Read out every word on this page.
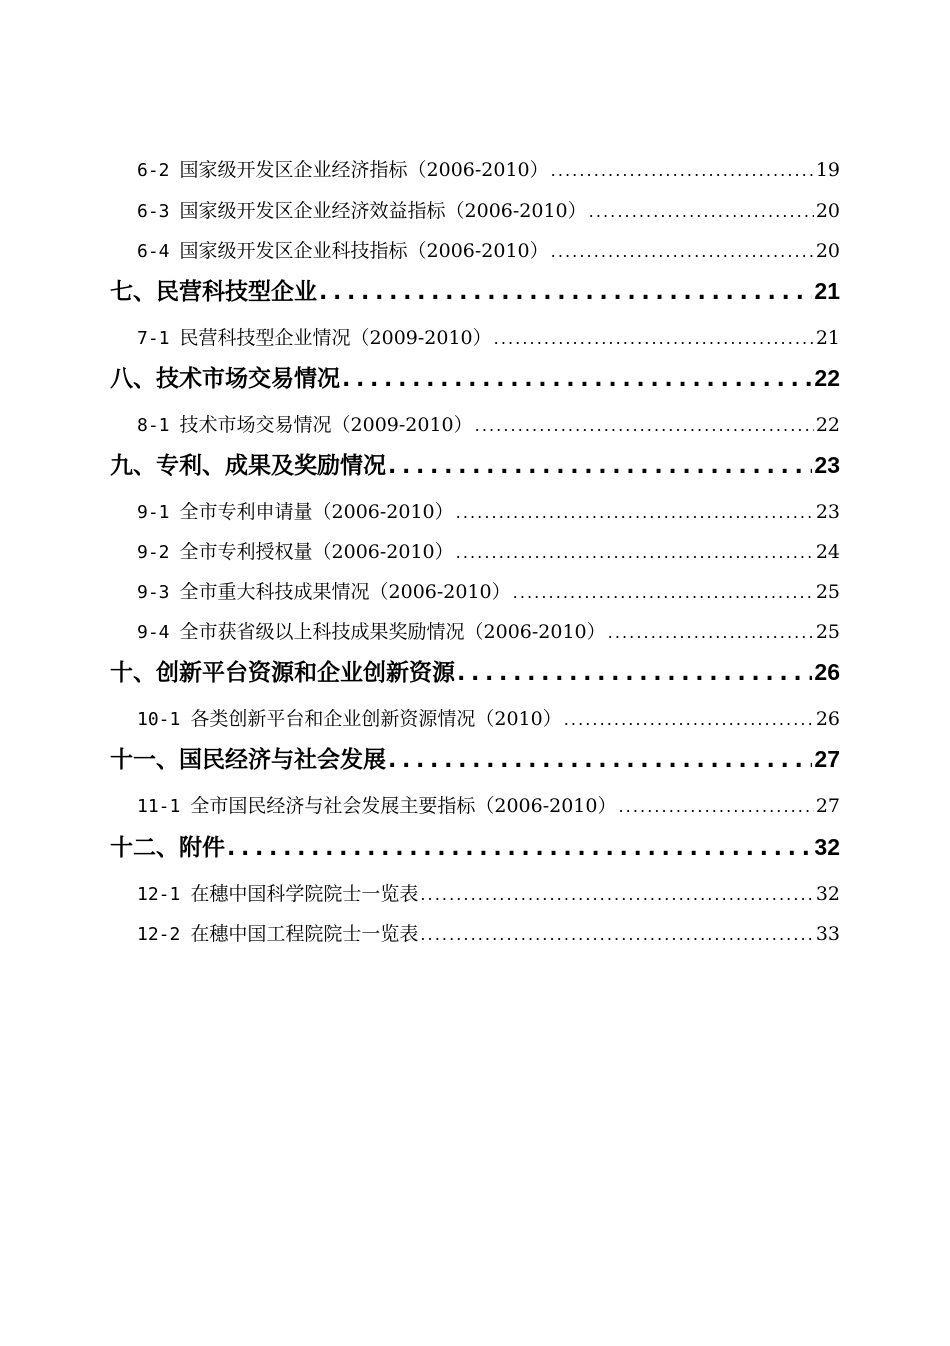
6-2 国家级开发区企业经济指标（2006-2010） . . .	19
6-3 国家级开发区企业经济效益指标（2006-2010） . . .	20
6-4 国家级开发区企业科技指标（2006-2010） . . .	20
七、民营科技型企业 . . .	21
7-1 民营科技型企业情况（2009-2010） . . .	21
八、技术市场交易情况 . . .	22
8-1 技术市场交易情况（2009-2010） . . .	22
九、专利、成果及奖励情况 . . .	23
9-1 全市专利申请量（2006-2010） . . .	23
9-2 全市专利授权量（2006-2010） . . .	24
9-3 全市重大科技成果情况（2006-2010） . . .	25
9-4 全市获省级以上科技成果奖励情况（2006-2010） . . .	25
十、创新平台资源和企业创新资源 . . .	26
10-1 各类创新平台和企业创新资源情况（2010） . . .	26
十一、国民经济与社会发展 . . .	27
11-1 全市国民经济与社会发展主要指标（2006-2010） . . .	27
十二、附件 . . .	32
12-1 在穗中国科学院院士一览表 . . .	32
12-2 在穗中国工程院院士一览表 . . .	33
